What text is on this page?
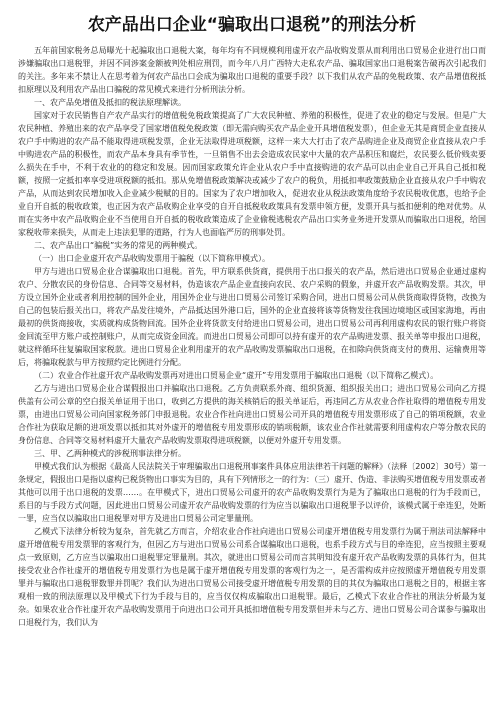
农产品出口企业“骗取出口退税”的刑法分析

五年前国家税务总局曝光十起骗取出口退税大案，每年均有不同规模利用虚开农产品收购发票从而利用出口贸易企业进行出口而涉嫌骗取出口退税罪，并因不同涉案金额被判处相应刑罚，而今年八月广西特大走私农产品、骗取国家出口退税案告破再次引起我们的关注。多年来不禁让人在思考着为何农产品出口会成为骗取出口退税的重要手段？以下我们从农产品的免税政策、农产品增值税抵扣原理以及利用农产品出口骗税的常见模式来进行分析刑法分析。

一、农产品免增值及抵扣的税法原理解读。

国家对于农民销售自产农产品实行的增值税免税政策提高了广大农民种植、养殖的积极性，促进了农业的稳定与发展。但是广大农民种植、养殖出来的农产品享受了国家增值税免税政策（即无需向购买农产品企业开具增值税发票），但企业无其是商贸企业直接从农户手中购进的农产品不能取得进项税发票，企业无法取得进项税额，这样一来大大打击了农产品购进企业及商贸企业直接从农户手中购进农产品的积极性，而农产品本身具有季节性，一旦销售不出去会造成农民家中大量的农产品积压和腐烂，农民要么低价贱卖要么损失在手中，不利于农业的的稳定和发展。因而国家政策允许企业从农户手中直接购进的农产品可以由企业自己开具自己抵扣税额，按照一定抵扣率享受进项税额的抵扣。那从免增值税政策解决或减少了农户的税负，用抵扣率政策鼓励企业直接从农户手中购农产品，从而达到农民增加收入企业减少税赋的目的。国家为了农户增加收入，促进农业从税法政策角度给予农民税收优惠，也给予企业自开自抵的税收政策，也正因为农产品收购企业享受的自开自抵税收政策具有发票申领方便，发票开具与抵扣便利的绝对优势。从而在实务中农产品收购企业不当使用自开自抵的税收政策造成了企业偷税逃税农产品出口实务业务进开发票从而骗取出口退税，给国家税收带来损失，从而走上违法犯罪的道路，行为人也面临严厉的刑事处罚。

二、农产品出口“骗税”实务的常见的两种模式。

（一）出口企业虚开农产品收购发票用于骗税（以下简称甲模式）。

甲方与进出口贸易企业合谋骗取出口退税。首先，甲方联系供货商，提供用于出口报关的农产品，然后进出口贸易企业通过虚构农户、分散农民的身份信息、合同等交易材料，伪造该农产品企业直接向农民、农户采购的假象，并虚开农产品收购发票。其次，甲方设立国外企业或者利用控制的国外企业，用国外企业与进出口贸易公司签订采购合同，进出口贸易公司从供货商取得货物，改换为自己的包装后报关出口，将农产品发往境外，产品抵达国外港口后，国外的企业直接将该等货物发往我国边境地区或国家海地，再由最初的供货商接收，实质就构成货物回流。国外企业将货款支付给进出口贸易公司，进出口贸易公司再利用虚构农民的银行账户将资金回流至甲方账户或控制账户，从而完成资金回流。而进出口贸易公司即可以持有虚开的农产品购进发票、报关单等申报出口退税，就这样循环往复骗取国家税款。进出口贸易企业利用虚开的农产品收购发票骗取出口退税，在扣除向供货商支付的费用、运输费用等后，将骗取税款与甲方按照约定比例进行分配。

（二）农业合作社虚开农产品收购发票再对进出口贸易企业“虚开”专用发票用于骗取出口退税（以下简称乙模式）。

乙方与进出口贸易企业合谋假报出口并骗取出口退税。乙方负责联系外商、组织货源、组织报关出口；进出口贸易公司向乙方提供盖有公司公章的空白报关单证用于出口，收到乙方提供的海关核销后的报关单证后，再违同乙方从农业合作社取得的增值税专用发票，由进出口贸易公司向国家税务部门申报退税。农业合作社向进出口贸易公司开具的增值税专用发票形成了自己的销项税额，农业合作社为获取足额的进项发票以抵扣其对外虚开的增值税专用发票形成的销项税额，该农业合作社就需要利用虚构农户等分散农民的身份信息、合同等交易材料虚开大量农产品收购发票取得进项税额，以便对外虚开专用发票。

三、甲、乙两种模式的涉税刑事法律分析。

甲模式我们认为根据《最高人民法院关于审理骗取出口退税刑事案件具体应用法律若干问题的解释》（法释〔2002〕30号）第一条规定，假报出口是指以虚构已税货物出口事实为目的，具有下列情形之一的行为：（三）虚开、伪造、非法购买增值税专用发票或者其他可以用于出口退税的发票……。在甲模式下，进出口贸易公司虚开的农产品收购发票行为是为了骗取出口退税的行为手段而已，系目的与手段方式问题，因此进出口贸易公司虚开农产品收购发票的行为应当以骗取出口退税罪予以评价，该模式属于牵连犯，处断一罪，应当仅以骗取出口退税罪对甲方及进出口贸易公司定罪量刑。

乙模式下法律分析较为复杂，首先就乙方而言，介绍农业合作社向进出口贸易公司虚开增值税专用发票行为属于刑法司法解释中虚开增值税专用发票罪的客观行为，但因乙方与进出口贸易公司系合谋骗取出口退税，也系手段方式与目的牵连犯，应当按照主要观点一致原则，乙方应当以骗取出口退税罪定罪量刑。其次，就进出口贸易公司而言其明知没有虚开农产品收购发票的具体行为，但其接受农业合作社虚开的增值税专用发票行为也是属于虚开增值税专用发票的客观行为之一，是否需构成并应按照虚开增值税专用发票罪并与骗取出口退税罪数罪并罚呢？我们认为进出口贸易公司接受虚开增值税专用发票的目的其仅为骗取出口退税之目的，根据主客观相一致的刑法原理以及甲模式下行为手段与目的，应当仅仅构成骗取出口退税罪。最后，乙模式下农业合作社的刑法分析最为复杂。如果农业合作社虚开农产品收购发票用于向进出口公司开具抵扣增值税专用发票但并未与乙方、进出口贸易公司合谋参与骗取出口退税行为，我们认为
